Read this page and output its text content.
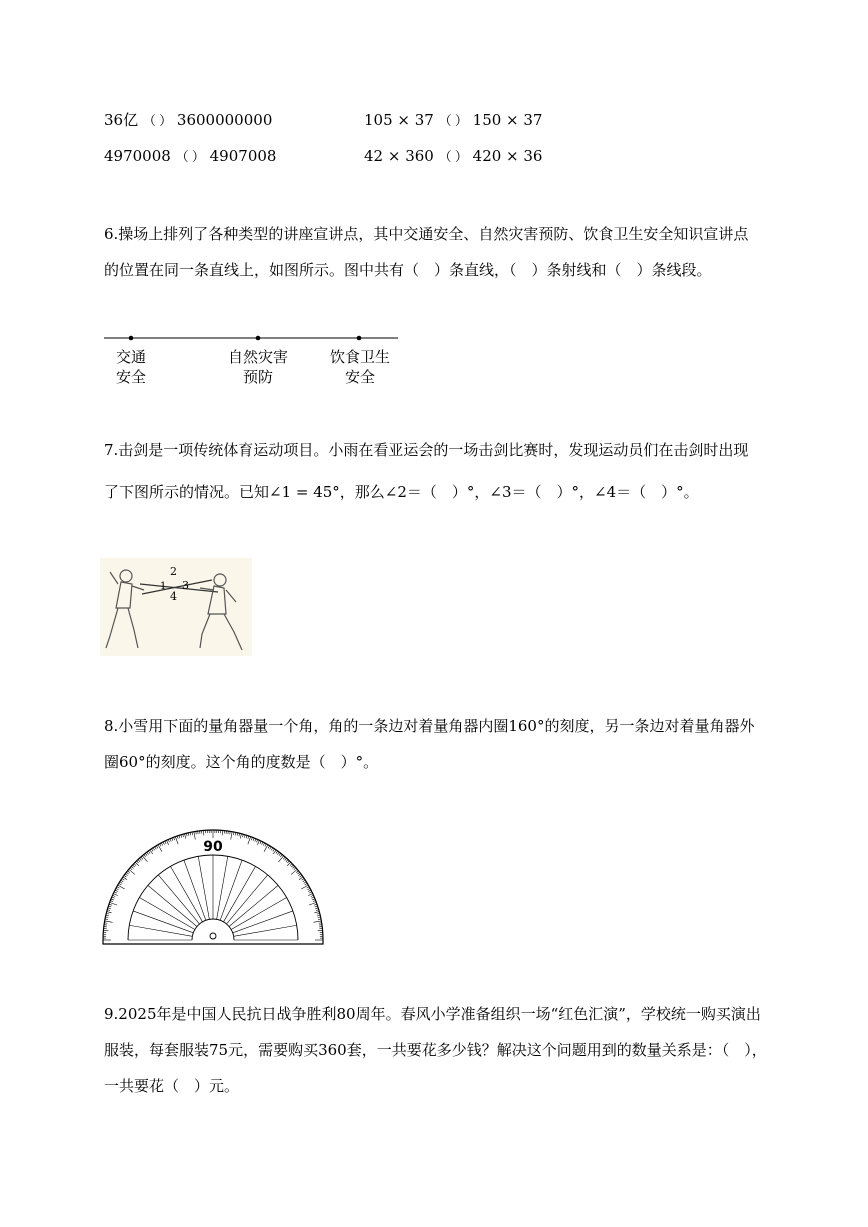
36亿 （ ） 3600000000	105 × 37 （ ） 150 × 37
4970008 （ ） 4907008	42 × 360 （ ） 420 × 36
6.操场上排列了各种类型的讲座宣讲点，其中交通安全、自然灾害预防、饮食卫生安全知识宣讲点
的位置在同一条直线上，如图所示。图中共有（　）条直线，（　）条射线和（　）条线段。
交通
安全
自然灾害
预防
饮食卫生
安全
7.击剑是一项传统体育运动项目。小雨在看亚运会的一场击剑比赛时，发现运动员们在击剑时出现
了下图所示的情况。已知∠1 = 45°，那么∠2＝（　）°，∠3＝（　）°，∠4＝（　）°。
2
1 3
4
8.小雪用下面的量角器量一个角，角的一条边对着量角器内圈160°的刻度，另一条边对着量角器外
圈60°的刻度。这个角的度数是（　）°。
90
9.2025年是中国人民抗日战争胜利80周年。春风小学准备组织一场“红色汇演”，学校统一购买演出
服装，每套服装75元，需要购买360套，一共要花多少钱？解决这个问题用到的数量关系是：（　），
一共要花（　）元。
